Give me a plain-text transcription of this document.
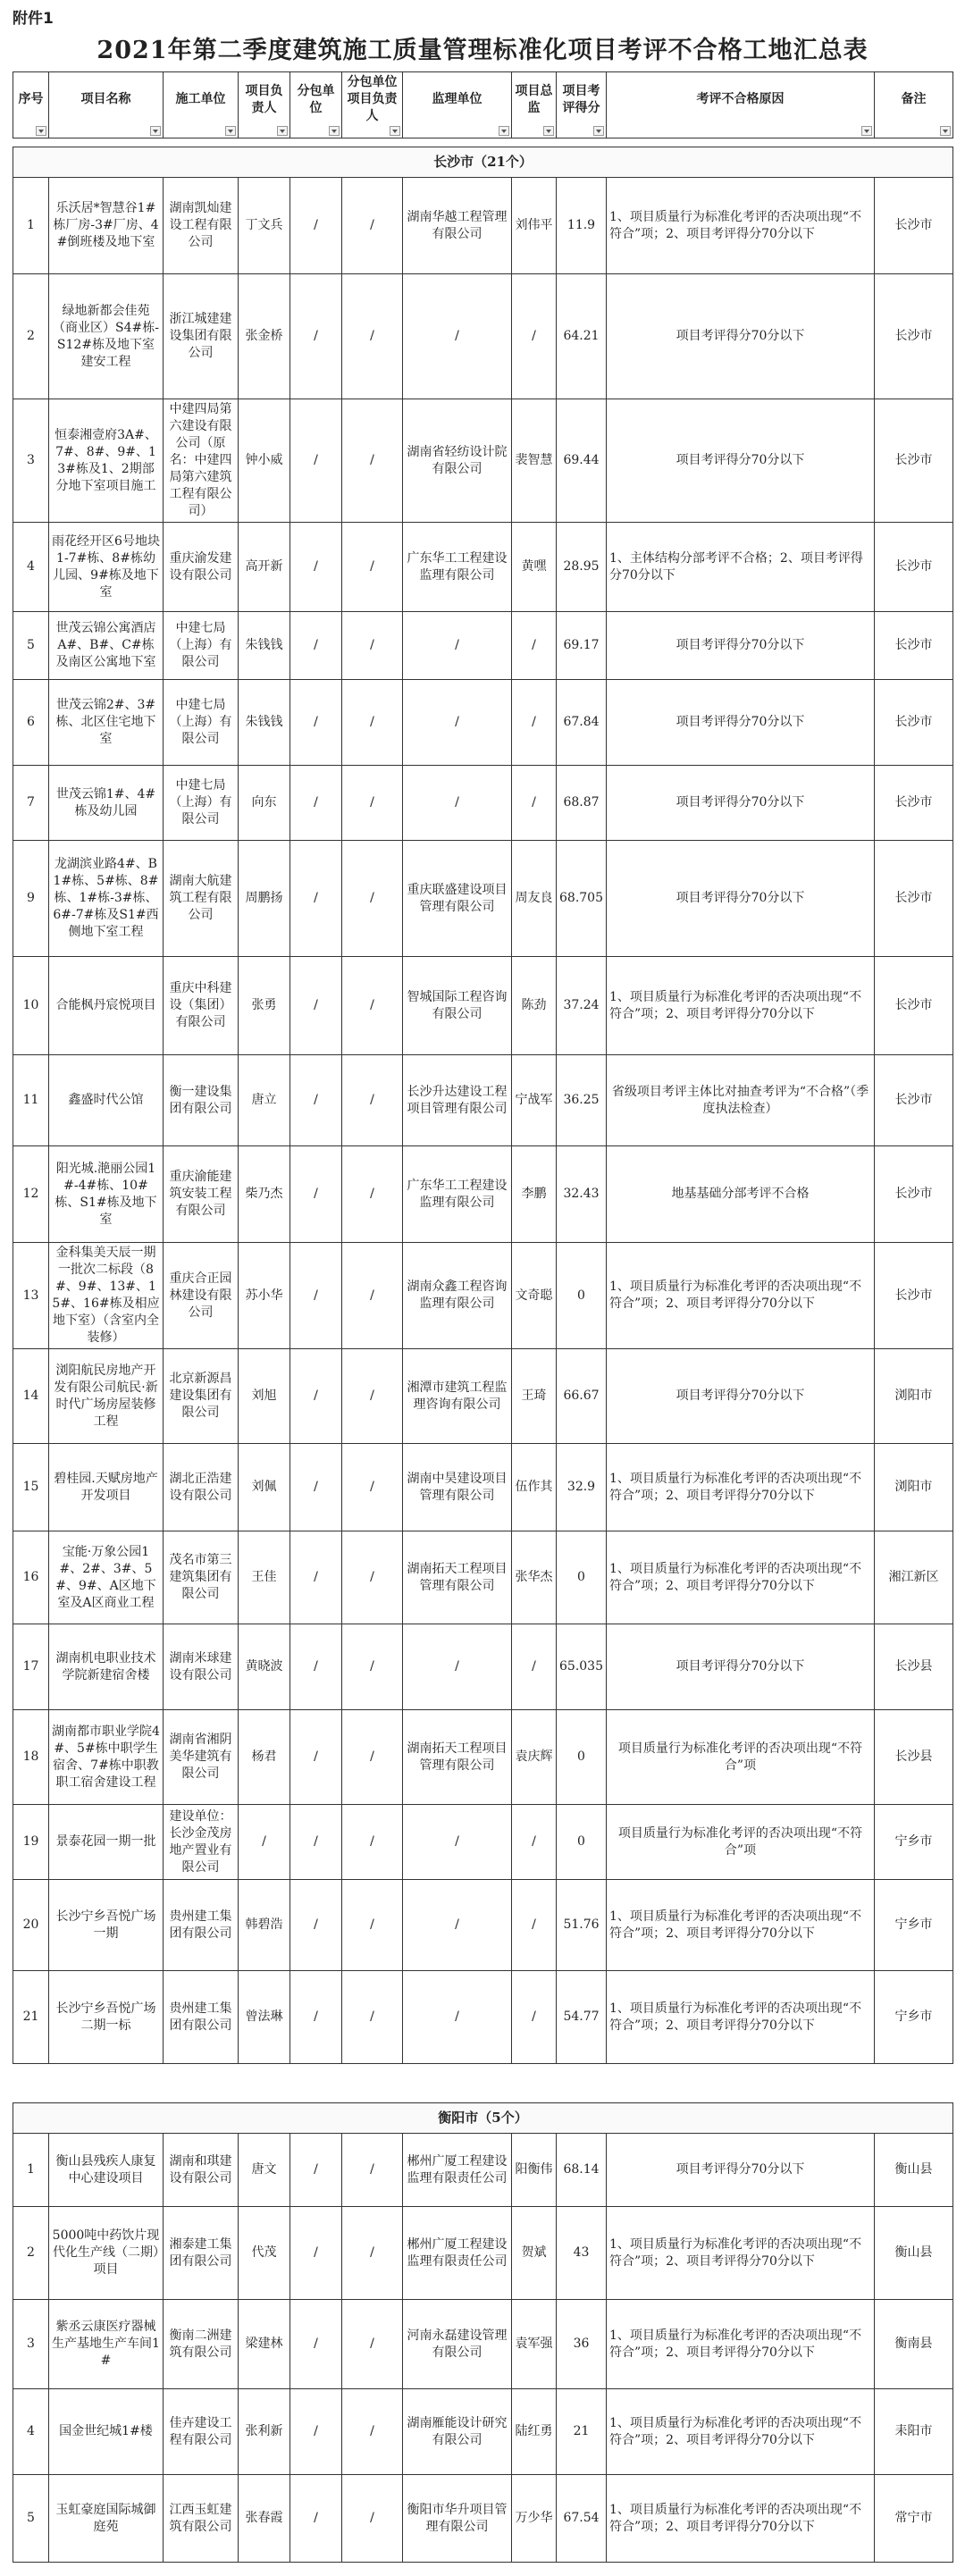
附件1
2021年第二季度建筑施工质量管理标准化项目考评不合格工地汇总表
序号	项目名称	施工单位	项目负责人	分包单位	分包单位项目负责人	监理单位	项目总监	项目考评得分	考评不合格原因	备注

长沙市（21个）										
1	乐沃居*智慧谷1#栋厂房-3#厂房、4#倒班楼及地下室	湖南凯灿建设工程有限公司	丁文兵	/	/	湖南华越工程管理有限公司	刘伟平	11.9	1、项目质量行为标准化考评的否决项出现“不符合”项；2、项目考评得分70分以下	长沙市
2	绿地新都会佳苑（商业区）S4#栋-S12#栋及地下室建安工程	浙江城建建设集团有限公司	张金桥	/	/	/	/	64.21	项目考评得分70分以下	长沙市
3	恒泰湘壹府3A#、7#、8#、9#、13#栋及1、2期部分地下室项目施工	中建四局第六建设有限公司（原名：中建四局第六建筑工程有限公司）	钟小威	/	/	湖南省轻纺设计院有限公司	裴智慧	69.44	项目考评得分70分以下	长沙市
4	雨花经开区6号地块 1-7#栋、8#栋幼儿园、9#栋及地下室	重庆渝发建设有限公司	高开新	/	/	广东华工工程建设监理有限公司	黄嘿	28.95	1、主体结构分部考评不合格；2、项目考评得分70分以下	长沙市
5	世茂云锦公寓酒店A#、B#、C#栋及南区公寓地下室	中建七局（上海）有限公司	朱钱钱	/	/	/	/	69.17	项目考评得分70分以下	长沙市
6	世茂云锦2#、3#栋、北区住宅地下室	中建七局（上海）有限公司	朱钱钱	/	/	/	/	67.84	项目考评得分70分以下	长沙市
7	世茂云锦1#、4#栋及幼儿园	中建七局（上海）有限公司	向东	/	/	/	/	68.87	项目考评得分70分以下	长沙市
9	龙湖滨业路4#、B1#栋、5#栋、8#栋、1#栋-3#栋、6#-7#栋及S1#西侧地下室工程	湖南大航建筑工程有限公司	周鹏扬	/	/	重庆联盛建设项目管理有限公司	周友良	68.705	项目考评得分70分以下	长沙市
10	合能枫丹宸悦项目	重庆中科建设（集团）有限公司	张勇	/	/	智城国际工程咨询有限公司	陈劲	37.24	1、项目质量行为标准化考评的否决项出现“不符合”项；2、项目考评得分70分以下	长沙市
11	鑫盛时代公馆	衡一建设集团有限公司	唐立	/	/	长沙升达建设工程项目管理有限公司	宁战军	36.25	省级项目考评主体比对抽查考评为“不合格”（季度执法检查）	长沙市
12	阳光城.滟丽公园1#-4#栋、10#栋、S1#栋及地下室	重庆渝能建筑安装工程有限公司	柴乃杰	/	/	广东华工工程建设监理有限公司	李鹏	32.43	地基基础分部考评不合格	长沙市
13	金科集美天辰一期一批次二标段（8#、9#、13#、15#、16#栋及相应地下室）（含室内全装修）	重庆合正园林建设有限公司	苏小华	/	/	湖南众鑫工程咨询监理有限公司	文奇聪	0	1、项目质量行为标准化考评的否决项出现“不符合”项；2、项目考评得分70分以下	长沙市
14	浏阳航民房地产开发有限公司航民·新时代广场房屋装修工程	北京新源昌建设集团有限公司	刘旭	/	/	湘潭市建筑工程监理咨询有限公司	王琦	66.67	项目考评得分70分以下	浏阳市
15	碧桂园.天赋房地产开发项目	湖北正浩建设有限公司	刘佩	/	/	湖南中昊建设项目管理有限公司	伍作其	32.9	1、项目质量行为标准化考评的否决项出现“不符合”项；2、项目考评得分70分以下	浏阳市
16	宝能·万象公园1#、2#、3#、5#、9#、A区地下室及A区商业工程	茂名市第三建筑集团有限公司	王佳	/	/	湖南拓天工程项目管理有限公司	张华杰	0	1、项目质量行为标准化考评的否决项出现“不符合”项；2、项目考评得分70分以下	湘江新区
17	湖南机电职业技术学院新建宿舍楼	湖南米球建设有限公司	黄晓波	/	/	/	/	65.035	项目考评得分70分以下	长沙县
18	湖南都市职业学院4#、5#栋中职学生宿舍、7#栋中职教职工宿舍建设工程	湖南省湘阴美华建筑有限公司	杨君	/	/	湖南拓天工程项目管理有限公司	袁庆辉	0	项目质量行为标准化考评的否决项出现“不符合”项	长沙县
19	景泰花园一期一批	建设单位：长沙金茂房地产置业有限公司	/	/	/	/	/	0	项目质量行为标准化考评的否决项出现“不符合”项	宁乡市
20	长沙宁乡吾悦广场一期	贵州建工集团有限公司	韩碧浩	/	/	/	/	51.76	1、项目质量行为标准化考评的否决项出现“不符合”项；2、项目考评得分70分以下	宁乡市
21	长沙宁乡吾悦广场二期一标	贵州建工集团有限公司	曾法琳	/	/	/	/	54.77	1、项目质量行为标准化考评的否决项出现“不符合”项；2、项目考评得分70分以下	宁乡市

衡阳市（5个）										
1	衡山县残疾人康复中心建设项目	湖南和琪建设有限公司	唐文	/	/	郴州广厦工程建设监理有限责任公司	阳衡伟	68.14	项目考评得分70分以下	衡山县
2	5000吨中药饮片现代化生产线（二期）项目	湘泰建工集团有限公司	代茂	/	/	郴州广厦工程建设监理有限责任公司	贺斌	43	1、项目质量行为标准化考评的否决项出现“不符合”项；2、项目考评得分70分以下	衡山县
3	紫丞云康医疗器械生产基地生产车间1#	衡南二洲建筑有限公司	梁建林	/	/	河南永磊建设管理有限公司	袁军强	36	1、项目质量行为标准化考评的否决项出现“不符合”项；2、项目考评得分70分以下	衡南县
4	国金世纪城1#楼	佳卉建设工程有限公司	张利新	/	/	湖南雁能设计研究有限公司	陆红勇	21	1、项目质量行为标准化考评的否决项出现“不符合”项；2、项目考评得分70分以下	耒阳市
5	玉虹豪庭国际城御庭苑	江西玉虹建筑有限公司	张春霞	/	/	衡阳市华升项目管理有限公司	万少华	67.54	1、项目质量行为标准化考评的否决项出现“不符合”项；2、项目考评得分70分以下	常宁市
